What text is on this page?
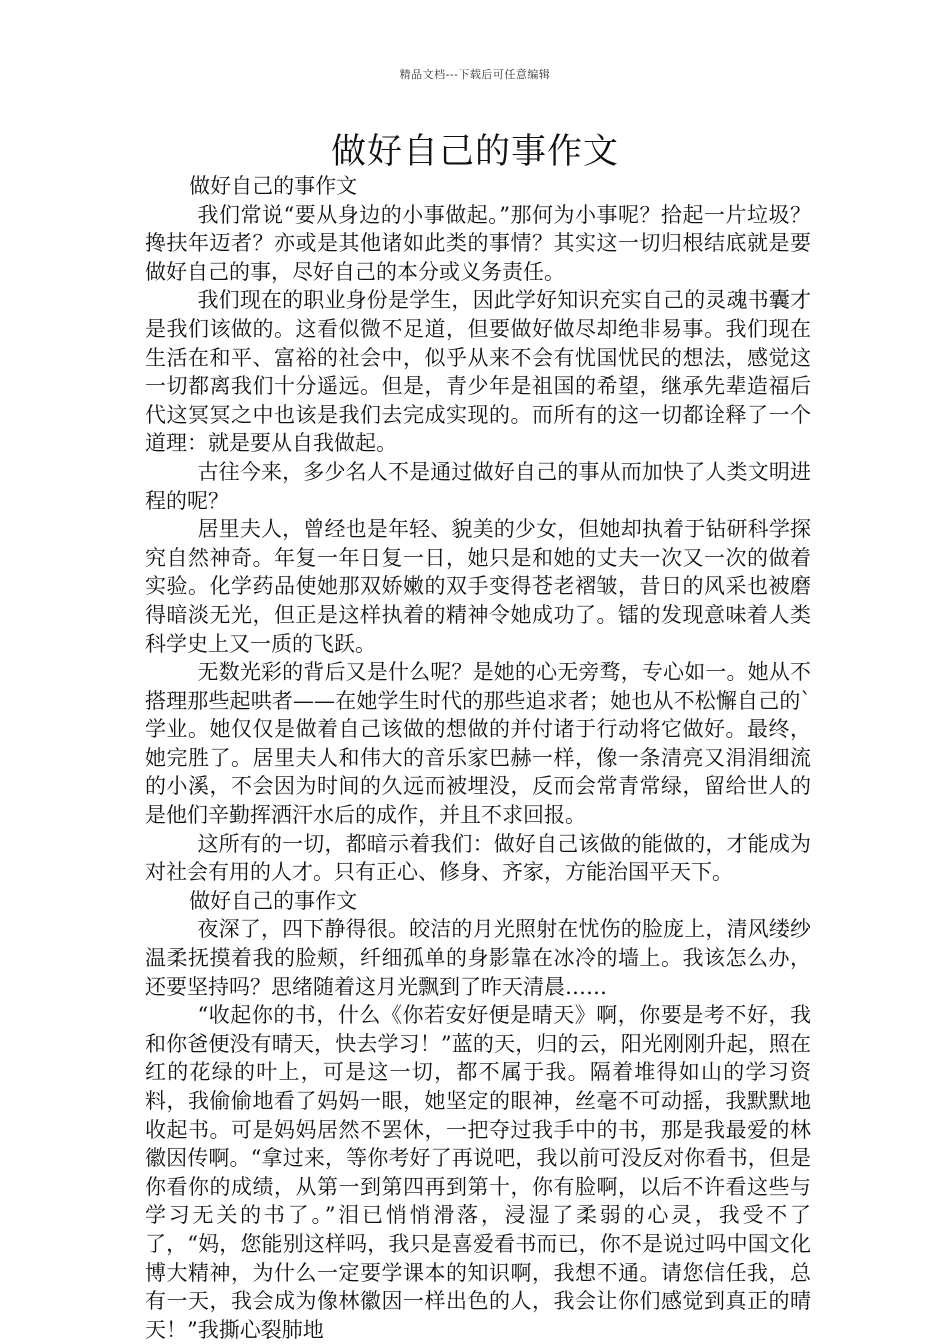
精品文档---下载后可任意编辑
做好自己的事作文

做好自己的事作文

我们常说“要从身边的小事做起。”那何为小事呢？拾起一片垃圾？搀扶年迈者？亦或是其他诸如此类的事情？其实这一切归根结底就是要做好自己的事，尽好自己的本分或义务责任。

我们现在的职业身份是学生，因此学好知识充实自己的灵魂书囊才是我们该做的。这看似微不足道，但要做好做尽却绝非易事。我们现在生活在和平、富裕的社会中，似乎从来不会有忧国忧民的想法，感觉这一切都离我们十分遥远。但是，青少年是祖国的希望，继承先辈造福后代这冥冥之中也该是我们去完成实现的。而所有的这一切都诠释了一个道理：就是要从自我做起。

古往今来，多少名人不是通过做好自己的事从而加快了人类文明进程的呢？

居里夫人，曾经也是年轻、貌美的少女，但她却执着于钻研科学探究自然神奇。年复一年日复一日，她只是和她的丈夫一次又一次的做着实验。化学药品使她那双娇嫩的双手变得苍老褶皱，昔日的风采也被磨得暗淡无光，但正是这样执着的精神令她成功了。镭的发现意味着人类科学史上又一质的飞跃。

无数光彩的背后又是什么呢？是她的心无旁骛，专心如一。她从不搭理那些起哄者——在她学生时代的那些追求者；她也从不松懈自己的`学业。她仅仅是做着自己该做的想做的并付诸于行动将它做好。最终，她完胜了。居里夫人和伟大的音乐家巴赫一样，像一条清亮又涓涓细流的小溪，不会因为时间的久远而被埋没，反而会常青常绿，留给世人的是他们辛勤挥洒汗水后的成作，并且不求回报。

这所有的一切，都暗示着我们：做好自己该做的能做的，才能成为对社会有用的人才。只有正心、修身、齐家，方能治国平天下。

做好自己的事作文

夜深了，四下静得很。皎洁的月光照射在忧伤的脸庞上，清风缕纱温柔抚摸着我的脸颊，纤细孤单的身影靠在冰冷的墙上。我该怎么办，还要坚持吗？思绪随着这月光飘到了昨天清晨……

“收起你的书，什么《你若安好便是晴天》啊，你要是考不好，我和你爸便没有晴天，快去学习！”蓝的天，归的云，阳光刚刚升起，照在红的花绿的叶上，可是这一切，都不属于我。隔着堆得如山的学习资料，我偷偷地看了妈妈一眼，她坚定的眼神，丝毫不可动摇，我默默地收起书。可是妈妈居然不罢休，一把夺过我手中的书，那是我最爱的林徽因传啊。“拿过来，等你考好了再说吧，我以前可没反对你看书，但是你看你的成绩，从第一到第四再到第十，你有脸啊，以后不许看这些与学习无关的书了。”泪已悄悄滑落，浸湿了柔弱的心灵，我受不了了，“妈，您能别这样吗，我只是喜爱看书而已，你不是说过吗中国文化博大精神，为什么一定要学课本的知识啊，我想不通。请您信任我，总有一天，我会成为像林徽因一样出色的人，我会让你们感觉到真正的晴天！”我撕心裂肺地
